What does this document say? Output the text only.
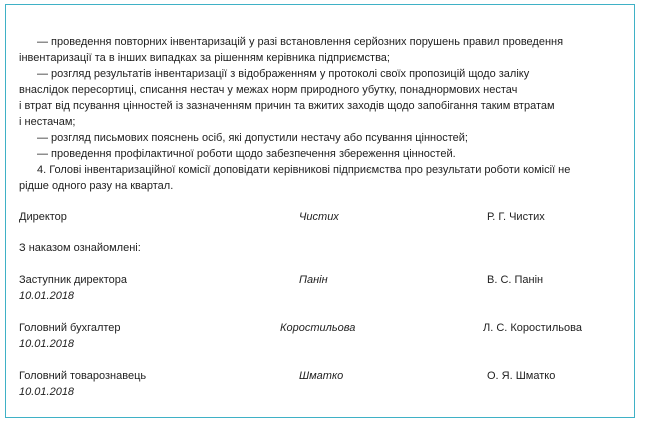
— проведення повторних інвентаризацій у разі встановлення серйозних порушень правил проведення
інвентаризації та в інших випадках за рішенням керівника підприємства;
— розгляд результатів інвентаризації з відображенням у протоколі своїх пропозицій щодо заліку
внаслідок пересортиці, списання нестач у межах норм природного убутку, понаднормових нестач
і втрат від псування цінностей із зазначенням причин та вжитих заходів щодо запобігання таким втратам
і нестачам;
— розгляд письмових пояснень осіб, які допустили нестачу або псування цінностей;
— проведення профілактичної роботи щодо забезпечення збереження цінностей.
4. Голові інвентаризаційної комісії доповідати керівникові підприємства про результати роботи комісії не
рідше одного разу на квартал.
Директор	Чистих	Р. Г. Чистих
З наказом ознайомлені:
Заступник директора	Панін	В. С. Панін
10.01.2018
Головний бухгалтер	Коростильова	Л. С. Коростильова
10.01.2018
Головний товарознавець	Шматко	О. Я. Шматко
10.01.2018
